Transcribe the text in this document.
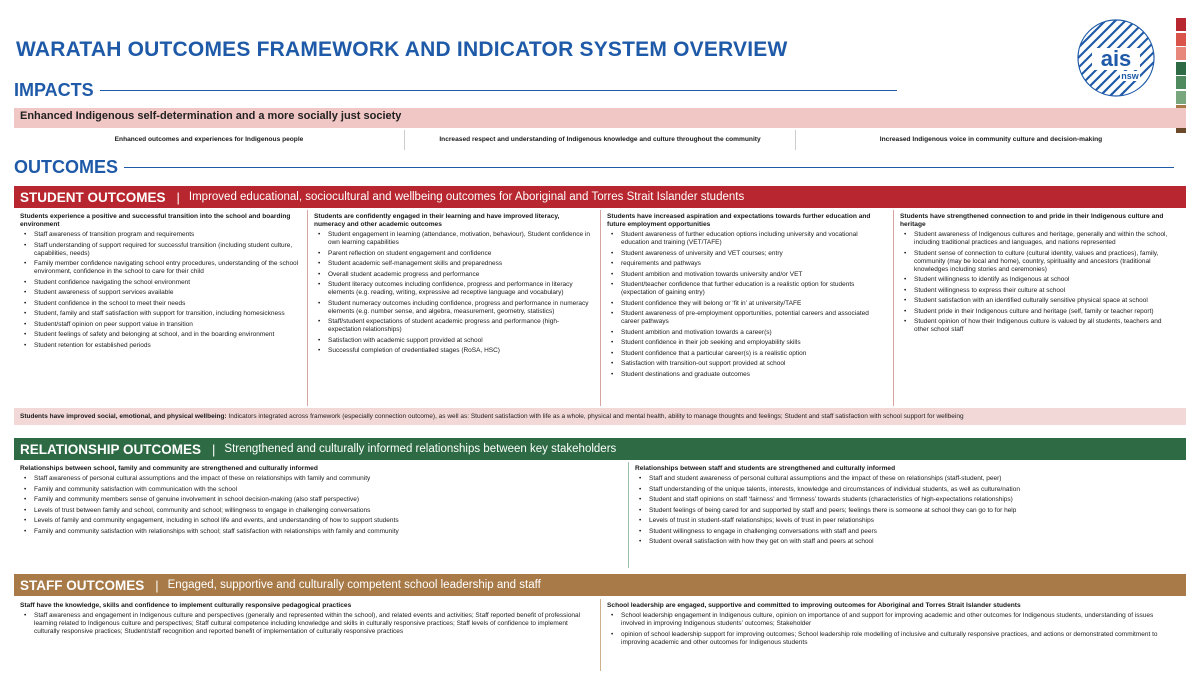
WARATAH OUTCOMES FRAMEWORK AND INDICATOR SYSTEM OVERVIEW	ais
nsw
IMPACTS
Enhanced Indigenous self-determination and a more socially just society
Enhanced outcomes and experiences for Indigenous people	Increased respect and understanding of Indigenous knowledge and culture throughout the community	Increased Indigenous voice in community culture and decision-making
OUTCOMES
STUDENT OUTCOMES | Improved educational, sociocultural and wellbeing outcomes for Aboriginal and Torres Strait Islander students
Students experience a positive and successful transition into the school and boarding environment
• Staff awareness of transition program and requirements
• Staff understanding of support required for successful transition (including student culture, capabilities, needs)
• Family member confidence navigating school entry procedures, understanding of the school environment, confidence in the school to care for their child
• Student confidence navigating the school environment
• Student awareness of support services available
• Student confidence in the school to meet their needs
• Student, family and staff satisfaction with support for transition, including homesickness
• Student/staff opinion on peer support value in transition
• Student feelings of safety and belonging at school, and in the boarding environment
• Student retention for established periods
Students are confidently engaged in their learning and have improved literacy, numeracy and other academic outcomes
• Student engagement in learning (attendance, motivation, behaviour), Student confidence in own learning capabilities
• Parent reflection on student engagement and confidence
• Student academic self-management skills and preparedness
• Overall student academic progress and performance
• Student literacy outcomes including confidence, progress and performance in literacy elements (e.g. reading, writing, expressive ad receptive language and vocabulary)
• Student numeracy outcomes including confidence, progress and performance in numeracy elements (e.g. number sense, and algebra, measurement, geometry, statistics)
• Staff/student expectations of student academic progress and performance (high-expectation relationships)
• Satisfaction with academic support provided at school
• Successful completion of credentialled stages (RoSA, HSC)
Students have increased aspiration and expectations towards further education and future employment opportunities
• Student awareness of further education options including university and vocational education and training (VET/TAFE)
• Student awareness of university and VET courses; entry
• requirements and pathways
• Student ambition and motivation towards university and/or VET
• Student/teacher confidence that further education is a realistic option for students (expectation of gaining entry)
• Student confidence they will belong or ‘fit in’ at university/TAFE
• Student awareness of pre-employment opportunities, potential careers and associated career pathways
• Student ambition and motivation towards a career(s)
• Student confidence in their job seeking and employability skills
• Student confidence that a particular career(s) is a realistic option
• Satisfaction with transition-out support provided at school
• Student destinations and graduate outcomes
Students have strengthened connection to and pride in their Indigenous culture and heritage
• Student awareness of Indigenous cultures and heritage, generally and within the school, including traditional practices and languages, and nations represented
• Student sense of connection to culture (cultural identity, values and practices), family, community (may be local and home), country, spirituality and ancestors (traditional knowledges including stories and ceremonies)
• Student willingness to identify as Indigenous at school
• Student willingness to express their culture at school
• Student satisfaction with an identified culturally sensitive physical space at school
• Student pride in their Indigenous culture and heritage (self, family or teacher report)
• Student opinion of how their Indigenous culture is valued by all students, teachers and other school staff
Students have improved social, emotional, and physical wellbeing: Indicators integrated across framework (especially connection outcome), as well as: Student satisfaction with life as a whole, physical and mental health, ability to manage thoughts and feelings; Student and staff satisfaction with school support for wellbeing
RELATIONSHIP OUTCOMES | Strengthened and culturally informed relationships between key stakeholders
Relationships between school, family and community are strengthened and culturally informed
• Staff awareness of personal cultural assumptions and the impact of these on relationships with family and community
• Family and community satisfaction with communication with the school
• Family and community members sense of genuine involvement in school decision-making (also staff perspective)
• Levels of trust between family and school, community and school; willingness to engage in challenging conversations
• Levels of family and community engagement, including in school life and events, and understanding of how to support students
• Family and community satisfaction with relationships with school; staff satisfaction with relationships with family and community
Relationships between staff and students are strengthened and culturally informed
• Staff and student awareness of personal cultural assumptions and the impact of these on relationships (staff-student, peer)
• Staff understanding of the unique talents, interests, knowledge and circumstances of individual students, as well as culture/nation
• Student and staff opinions on staff ‘fairness’ and ‘firmness’ towards students (characteristics of high-expectations relationships)
• Student feelings of being cared for and supported by staff and peers; feelings there is someone at school they can go to for help
• Levels of trust in student-staff relationships; levels of trust in peer relationships
• Student willingness to engage in challenging conversations with staff and peers
• Student overall satisfaction with how they get on with staff and peers at school
STAFF OUTCOMES | Engaged, supportive and culturally competent school leadership and staff
Staff have the knowledge, skills and confidence to implement culturally responsive pedagogical practices
• Staff awareness and engagement in Indigenous culture and perspectives (generally and represented within the school), and related events and activities; Staff reported benefit of professional learning related to Indigenous culture and perspectives; Staff cultural competence including knowledge and skills in culturally responsive practices; Staff levels of confidence to implement culturally responsive practices; Student/staff recognition and reported benefit of implementation of culturally responsive practices
School leadership are engaged, supportive and committed to improving outcomes for Aboriginal and Torres Strait Islander students
• School leadership engagement in Indigenous culture, opinion on importance of and support for improving academic and other outcomes for Indigenous students, understanding of issues involved in improving Indigenous students’ outcomes; Stakeholder
• opinion of school leadership support for improving outcomes; School leadership role modelling of inclusive and culturally responsive practices, and actions or demonstrated commitment to improving academic and other outcomes for Indigenous students
